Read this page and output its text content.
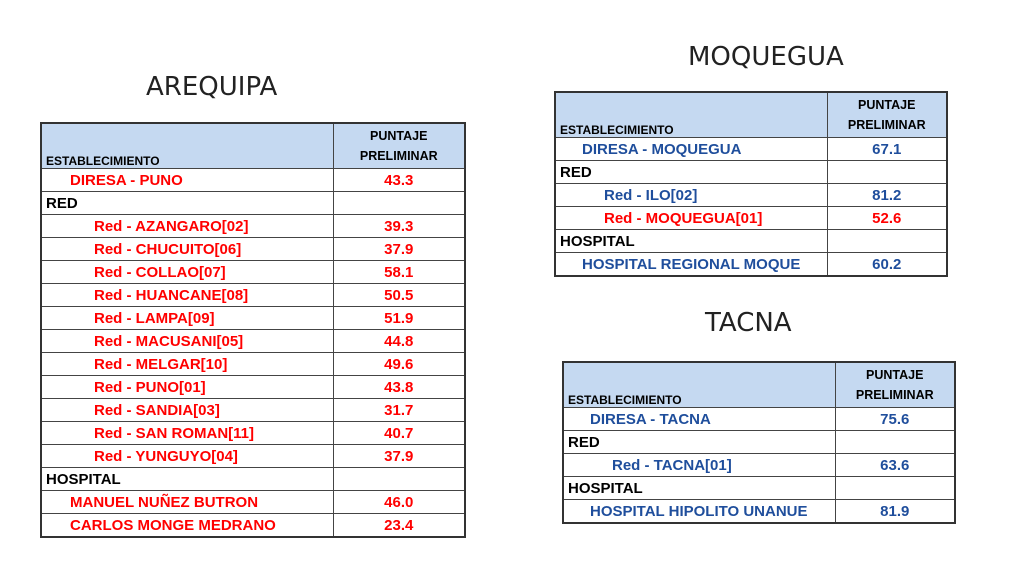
AREQUIPA
ESTABLECIMIENTO	PUNTAJE
PRELIMINAR
DIRESA - PUNO	43.3
RED	
Red - AZANGARO[02]	39.3
Red - CHUCUITO[06]	37.9
Red - COLLAO[07]	58.1
Red - HUANCANE[08]	50.5
Red - LAMPA[09]	51.9
Red - MACUSANI[05]	44.8
Red - MELGAR[10]	49.6
Red - PUNO[01]	43.8
Red - SANDIA[03]	31.7
Red - SAN ROMAN[11]	40.7
Red - YUNGUYO[04]	37.9
HOSPITAL	
MANUEL NUÑEZ BUTRON	46.0
CARLOS MONGE MEDRANO	23.4
MOQUEGUA
ESTABLECIMIENTO	PUNTAJE
PRELIMINAR
DIRESA - MOQUEGUA	67.1
RED	
Red - ILO[02]	81.2
Red - MOQUEGUA[01]	52.6
HOSPITAL	
HOSPITAL REGIONAL MOQUE	60.2
TACNA
ESTABLECIMIENTO	PUNTAJE
PRELIMINAR
DIRESA - TACNA	75.6
RED	
Red - TACNA[01]	63.6
HOSPITAL	
HOSPITAL HIPOLITO UNANUE	81.9
